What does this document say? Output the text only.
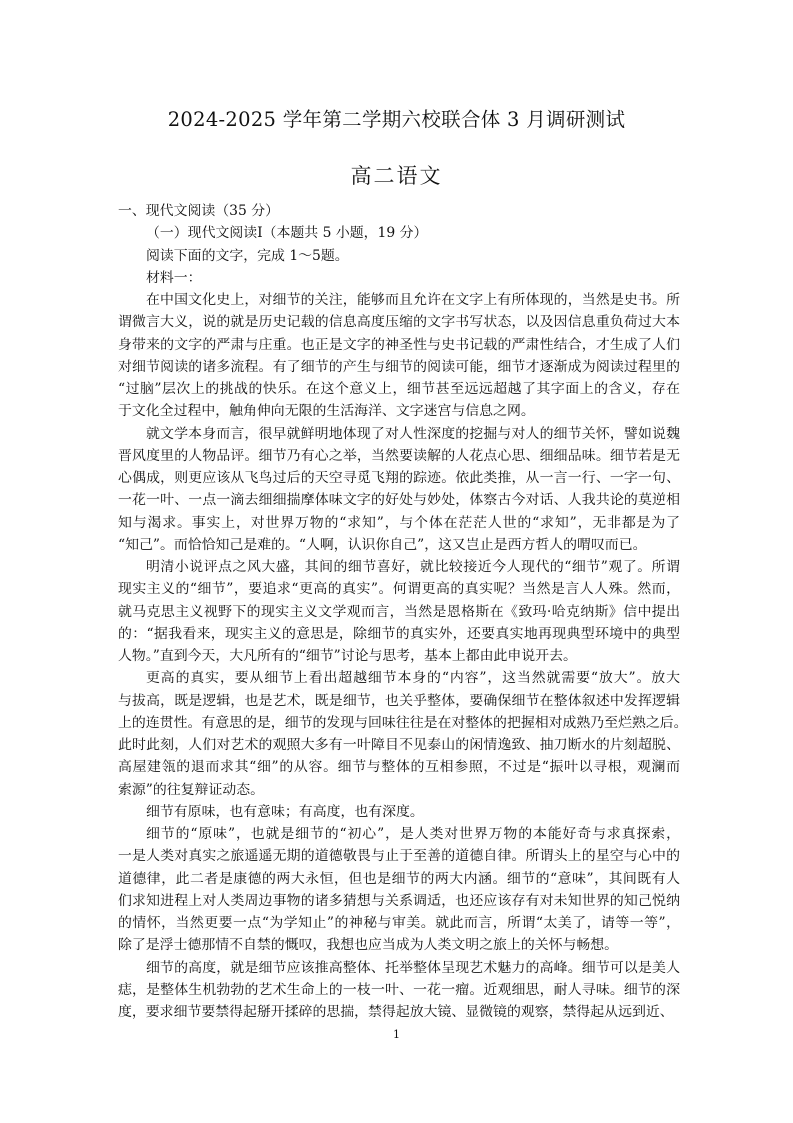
2024-2025 学年第二学期六校联合体 3 月调研测试
高二语文
一、现代文阅读（35 分）
（一）现代文阅读Ⅰ（本题共 5 小题，19 分）
阅读下面的文字，完成 1～5题。
材料一：
在中国文化史上，对细节的关注，能够而且允许在文字上有所体现的，当然是史书。所
谓微言大义，说的就是历史记载的信息高度压缩的文字书写状态，以及因信息重负荷过大本
身带来的文字的严肃与庄重。也正是文字的神圣性与史书记载的严肃性结合，才生成了人们
对细节阅读的诸多流程。有了细节的产生与细节的阅读可能，细节才逐渐成为阅读过程里的
“过脑”层次上的挑战的快乐。在这个意义上，细节甚至远远超越了其字面上的含义，存在
于文化全过程中，触角伸向无限的生活海洋、文字迷宫与信息之网。
就文学本身而言，很早就鲜明地体现了对人性深度的挖掘与对人的细节关怀，譬如说魏
晋风度里的人物品评。细节乃有心之举，当然要读解的人花点心思、细细品味。细节若是无
心偶成，则更应该从飞鸟过后的天空寻觅飞翔的踪迹。依此类推，从一言一行、一字一句、
一花一叶、一点一滴去细细揣摩体味文字的好处与妙处，体察古今对话、人我共论的莫逆相
知与渴求。事实上，对世界万物的“求知”，与个体在茫茫人世的“求知”，无非都是为了
“知己”。而恰恰知己是难的。“人啊，认识你自己”，这又岂止是西方哲人的喟叹而已。
明清小说评点之风大盛，其间的细节喜好，就比较接近今人现代的“细节”观了。所谓
现实主义的“细节”，要追求“更高的真实”。何谓更高的真实呢？当然是言人人殊。然而，
就马克思主义视野下的现实主义文学观而言，当然是恩格斯在《致玛·哈克纳斯》信中提出
的：“据我看来，现实主义的意思是，除细节的真实外，还要真实地再现典型环境中的典型
人物。”直到今天，大凡所有的“细节”讨论与思考，基本上都由此申说开去。
更高的真实，要从细节上看出超越细节本身的“内容”，这当然就需要“放大”。放大
与拔高，既是逻辑，也是艺术，既是细节，也关乎整体，要确保细节在整体叙述中发挥逻辑
上的连贯性。有意思的是，细节的发现与回味往往是在对整体的把握相对成熟乃至烂熟之后。
此时此刻，人们对艺术的观照大多有一叶障目不见泰山的闲情逸致、抽刀断水的片刻超脱、
高屋建瓴的退而求其“细”的从容。细节与整体的互相参照，不过是“振叶以寻根，观澜而
索源”的往复辩证动态。
细节有原味，也有意味；有高度，也有深度。
细节的“原味”，也就是细节的“初心”，是人类对世界万物的本能好奇与求真探索，
一是人类对真实之旅遥遥无期的道德敬畏与止于至善的道德自律。所谓头上的星空与心中的
道德律，此二者是康德的两大永恒，但也是细节的两大内涵。细节的“意味”，其间既有人
们求知进程上对人类周边事物的诸多猜想与关系调适，也还应该存有对未知世界的知己悦纳
的情怀，当然更要一点“为学知止”的神秘与审美。就此而言，所谓“太美了，请等一等”，
除了是浮士德那情不自禁的慨叹，我想也应当成为人类文明之旅上的关怀与畅想。
细节的高度，就是细节应该推高整体、托举整体呈现艺术魅力的高峰。细节可以是美人
痣，是整体生机勃勃的艺术生命上的一枝一叶、一花一瘤。近观细思，耐人寻味。细节的深
度，要求细节要禁得起掰开揉碎的思揣，禁得起放大镜、显微镜的观察，禁得起从远到近、
1
